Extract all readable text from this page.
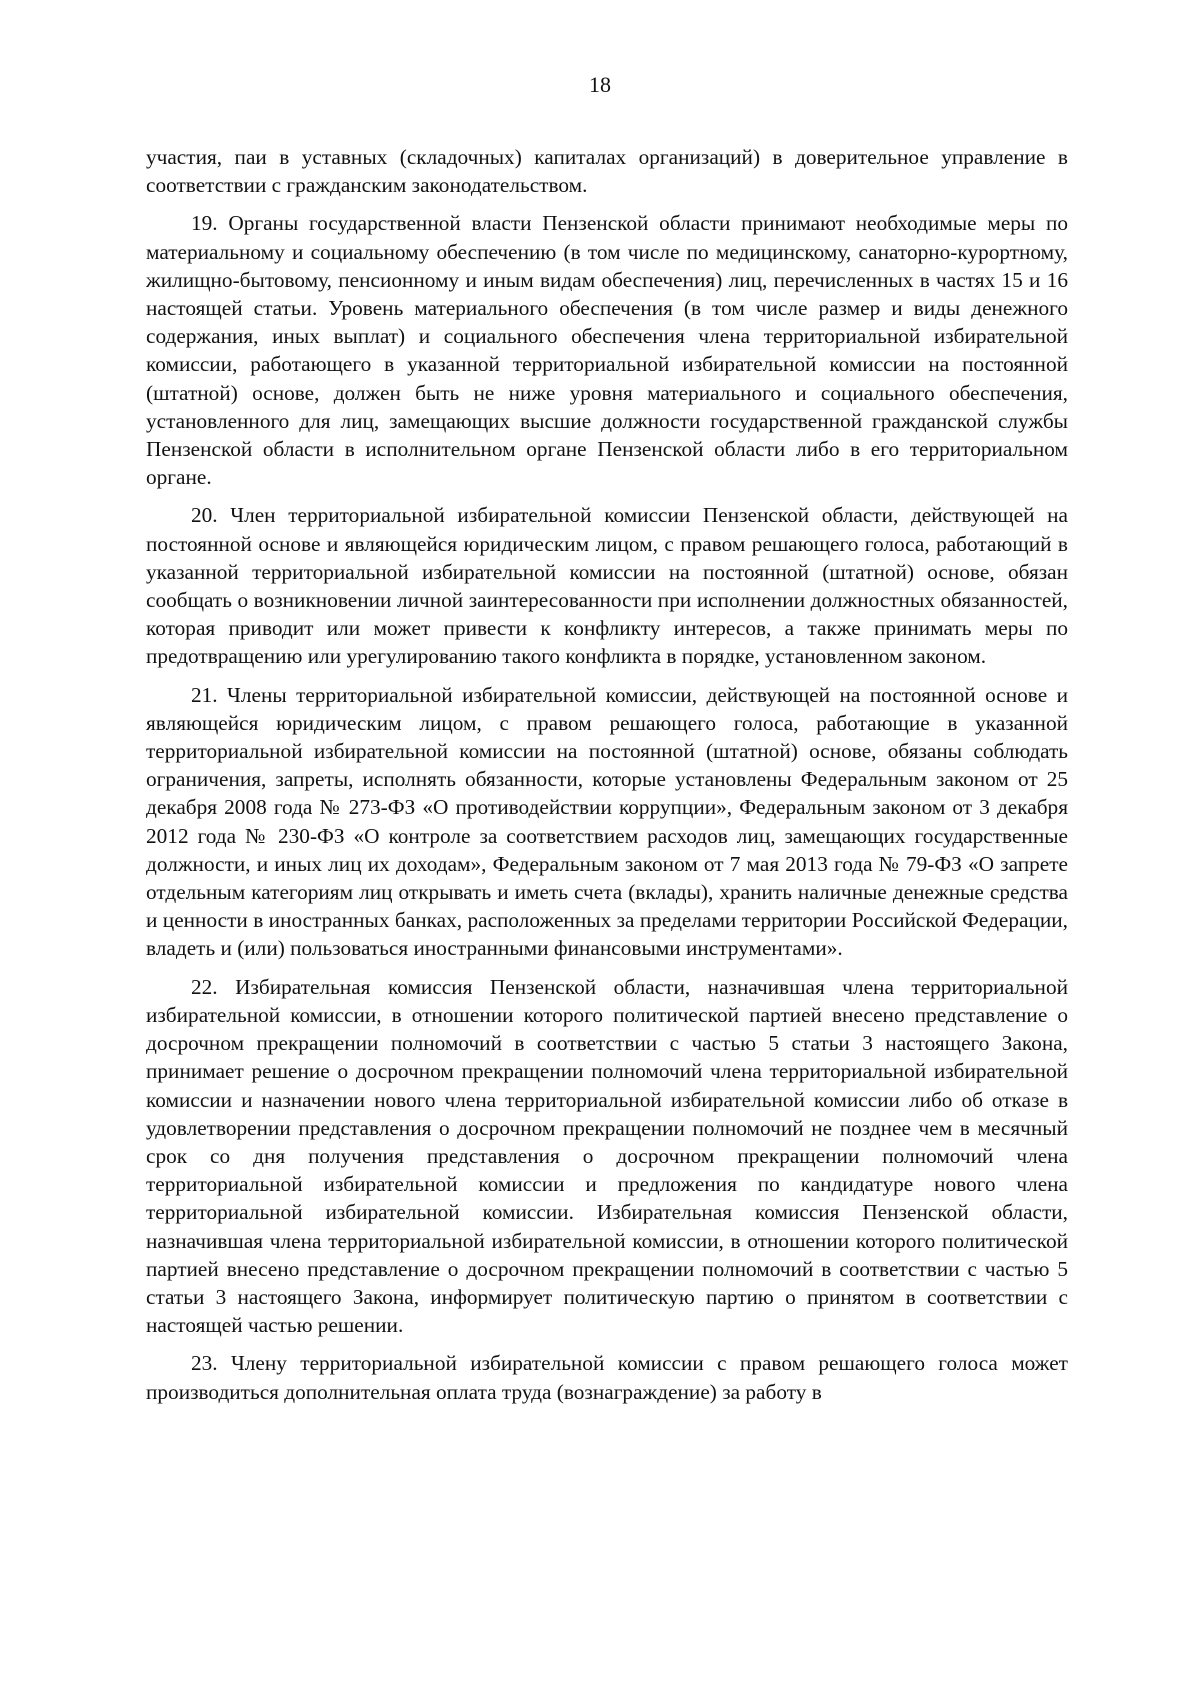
18

участия, паи в уставных (складочных) капиталах организаций) в доверительное управление в соответствии с гражданским законодательством.

19. Органы государственной власти Пензенской области принимают необходимые меры по материальному и социальному обеспечению (в том числе по медицинскому, санаторно-курортному, жилищно-бытовому, пенсионному и иным видам обеспечения) лиц, перечисленных в частях 15 и 16 настоящей статьи. Уровень материального обеспечения (в том числе размер и виды денежного содержания, иных выплат) и социального обеспечения члена территориальной избирательной комиссии, работающего в указанной территориальной избирательной комиссии на постоянной (штатной) основе, должен быть не ниже уровня материального и социального обеспечения, установленного для лиц, замещающих высшие должности государственной гражданской службы Пензенской области в исполнительном органе Пензенской области либо в его территориальном органе.

20. Член территориальной избирательной комиссии Пензенской области, действующей на постоянной основе и являющейся юридическим лицом, с правом решающего голоса, работающий в указанной территориальной избирательной комиссии на постоянной (штатной) основе, обязан сообщать о возникновении личной заинтересованности при исполнении должностных обязанностей, которая приводит или может привести к конфликту интересов, а также принимать меры по предотвращению или урегулированию такого конфликта в порядке, установленном законом.

21. Члены территориальной избирательной комиссии, действующей на постоянной основе и являющейся юридическим лицом, с правом решающего голоса, работающие в указанной территориальной избирательной комиссии на постоянной (штатной) основе, обязаны соблюдать ограничения, запреты, исполнять обязанности, которые установлены Федеральным законом от 25 декабря 2008 года № 273-ФЗ «О противодействии коррупции», Федеральным законом от 3 декабря 2012 года № 230-ФЗ «О контроле за соответствием расходов лиц, замещающих государственные должности, и иных лиц их доходам», Федеральным законом от 7 мая 2013 года № 79-ФЗ «О запрете отдельным категориям лиц открывать и иметь счета (вклады), хранить наличные денежные средства и ценности в иностранных банках, расположенных за пределами территории Российской Федерации, владеть и (или) пользоваться иностранными финансовыми инструментами».

22. Избирательная комиссия Пензенской области, назначившая члена территориальной избирательной комиссии, в отношении которого политической партией внесено представление о досрочном прекращении полномочий в соответствии с частью 5 статьи 3 настоящего Закона, принимает решение о досрочном прекращении полномочий члена территориальной избирательной комиссии и назначении нового члена территориальной избирательной комиссии либо об отказе в удовлетворении представления о досрочном прекращении полномочий не позднее чем в месячный срок со дня получения представления о досрочном прекращении полномочий члена территориальной избирательной комиссии и предложения по кандидатуре нового члена территориальной избирательной комиссии. Избирательная комиссия Пензенской области, назначившая члена территориальной избирательной комиссии, в отношении которого политической партией внесено представление о досрочном прекращении полномочий в соответствии с частью 5 статьи 3 настоящего Закона, информирует политическую партию о принятом в соответствии с настоящей частью решении.

23. Члену территориальной избирательной комиссии с правом решающего голоса может производиться дополнительная оплата труда (вознаграждение) за работу в
